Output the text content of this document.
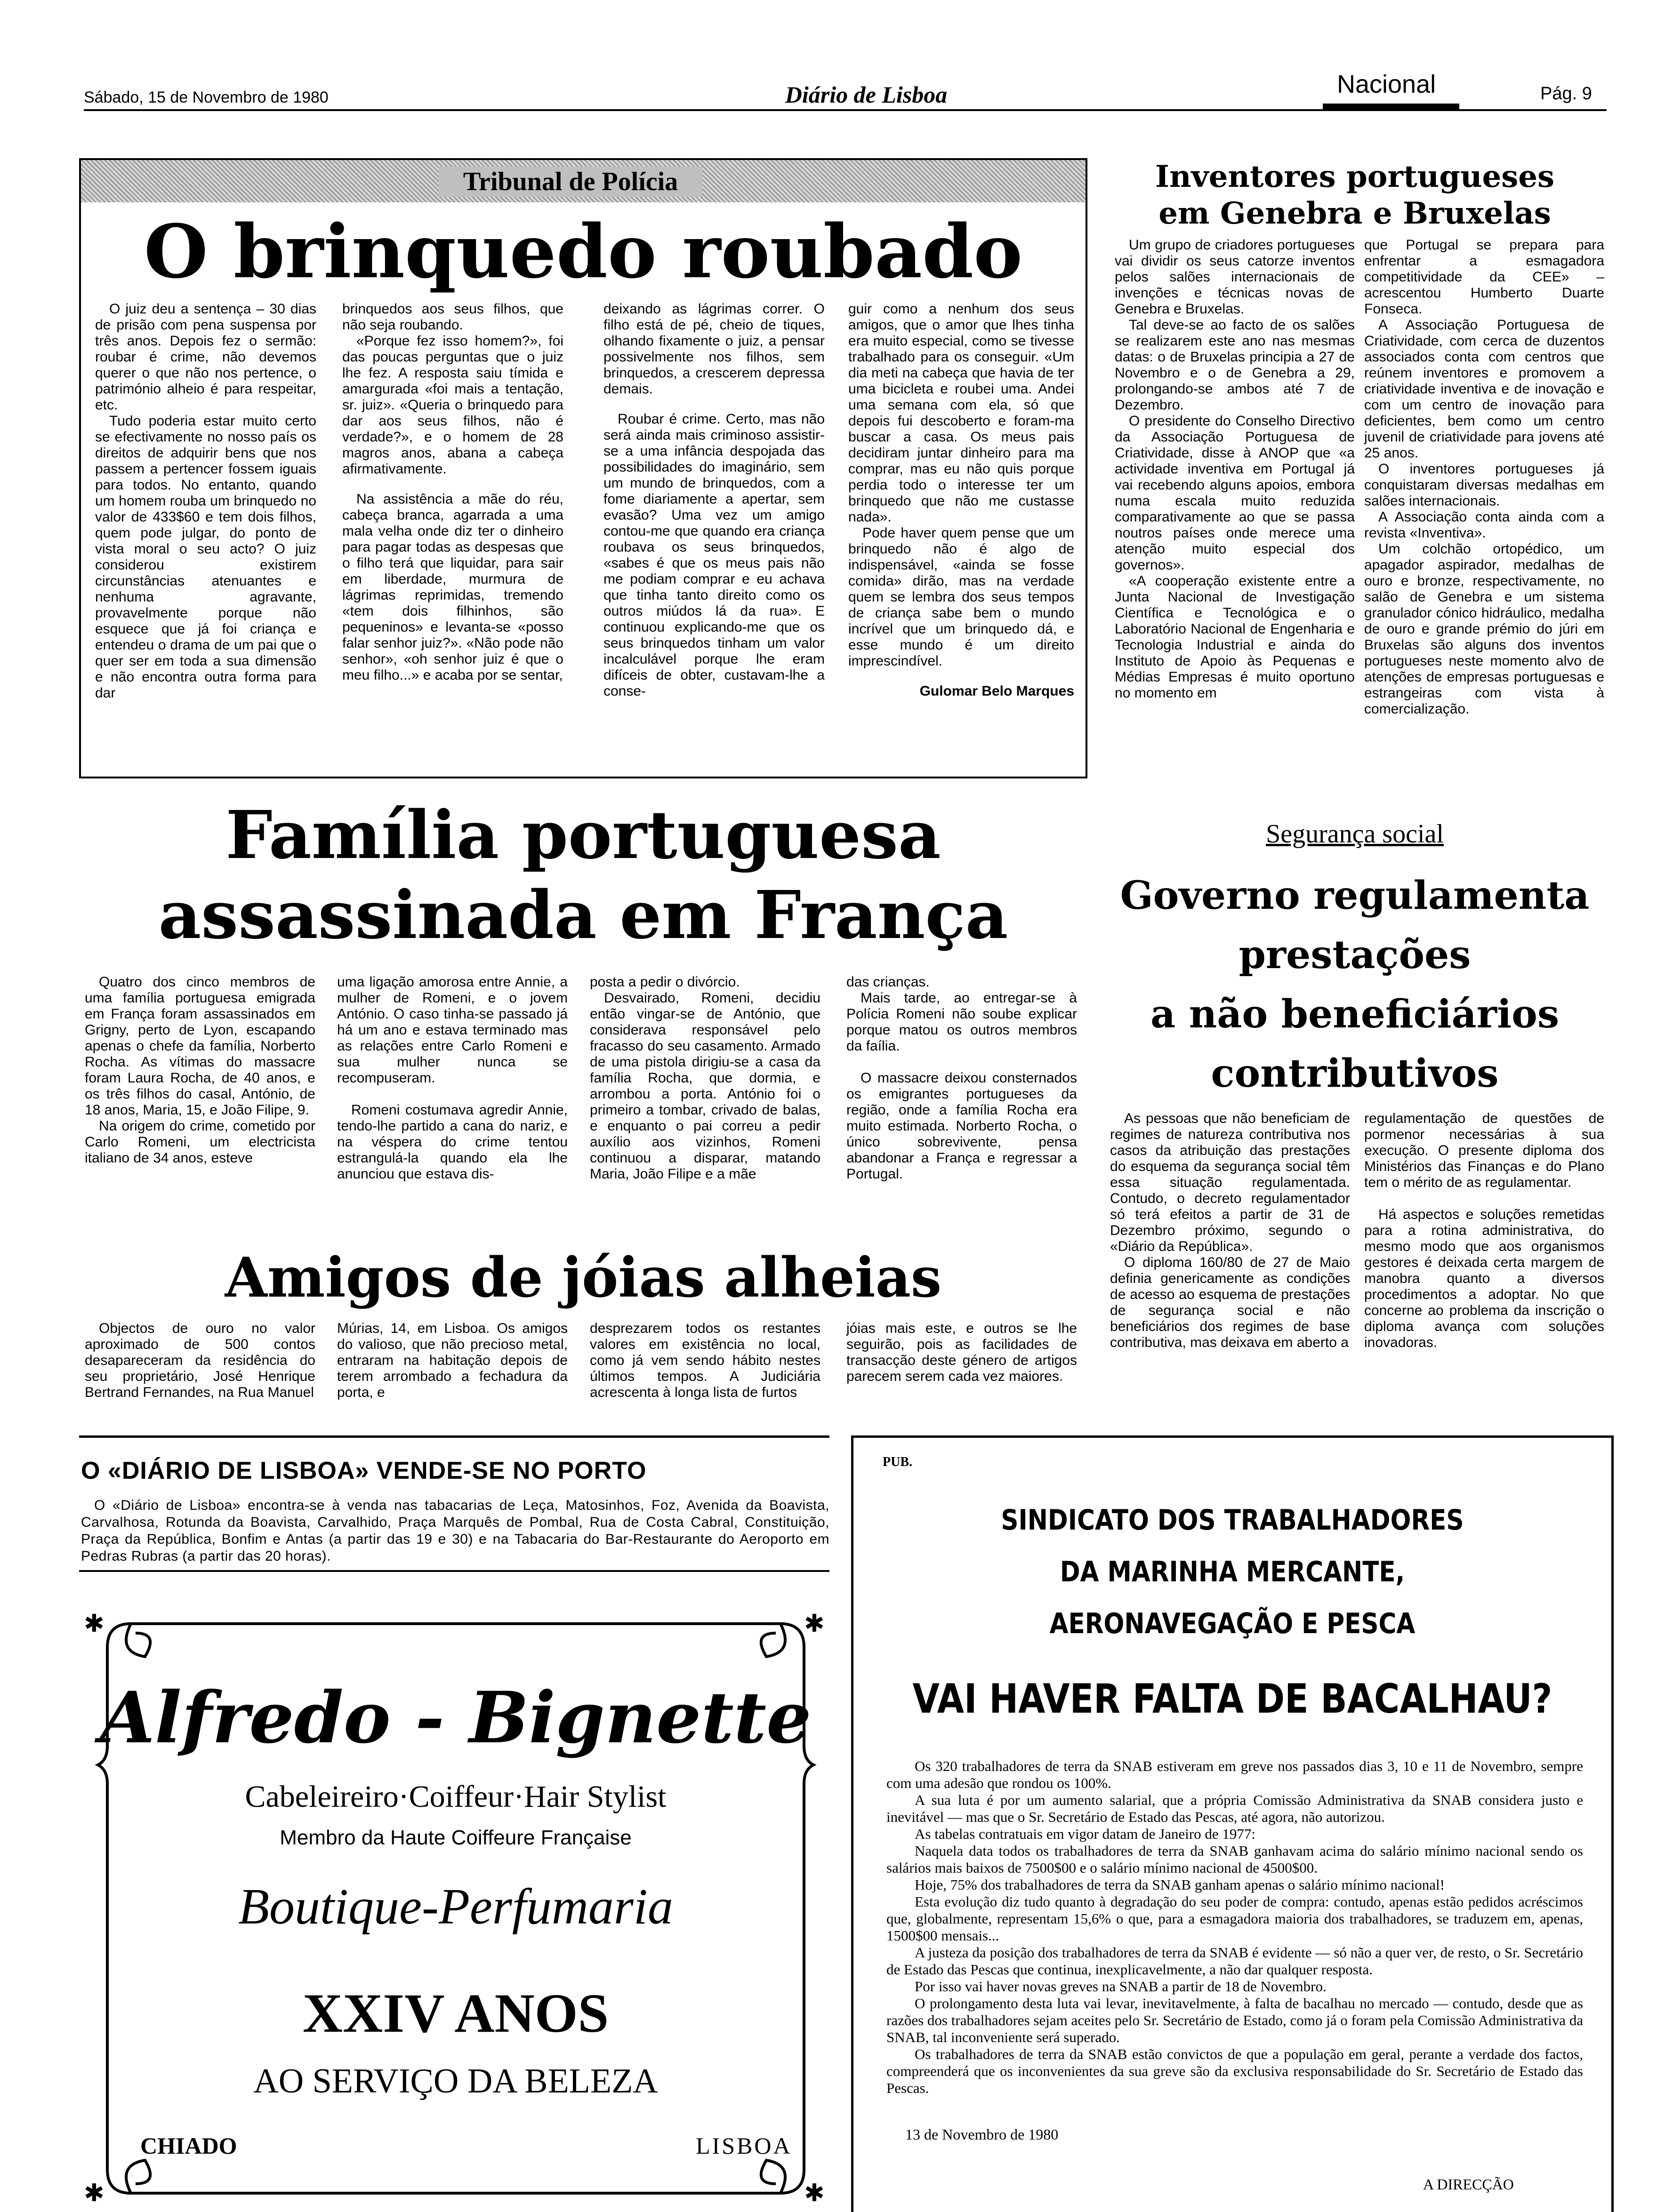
Sábado, 15 de Novembro de 1980	Diário de Lisboa	Nacional	Pág. 9
Tribunal de Polícia
O brinquedo roubado

O juiz deu a sentença – 30 dias de prisão com pena suspensa por três anos. Depois fez o sermão: roubar é crime, não devemos querer o que não nos pertence, o património alheio é para respeitar, etc.

Tudo poderia estar muito certo se efectivamente no nosso país os direitos de adquirir bens que nos passem a pertencer fossem iguais para todos. No entanto, quando um homem rouba um brinquedo no valor de 433$60 e tem dois filhos, quem pode julgar, do ponto de vista moral o seu acto? O juiz considerou existirem circunstâncias atenuantes e nenhuma agravante, provavelmente porque não esquece que já foi criança e entendeu o drama de um pai que o quer ser em toda a sua dimensão e não encontra outra forma para dar

brinquedos aos seus filhos, que não seja roubando.

«Porque fez isso homem?», foi das poucas perguntas que o juiz lhe fez. A resposta saiu tímida e amargurada «foi mais a tentação, sr. juiz». «Queria o brinquedo para dar aos seus filhos, não é verdade?», e o homem de 28 magros anos, abana a cabeça afirmativamente.

Na assistência a mãe do réu, cabeça branca, agarrada a uma mala velha onde diz ter o dinheiro para pagar todas as despesas que o filho terá que liquidar, para sair em liberdade, murmura de lágrimas reprimidas, tremendo «tem dois filhinhos, são pequeninos» e levanta-se «posso falar senhor juiz?». «Não pode não senhor», «oh senhor juiz é que o meu filho...» e acaba por se sentar,

deixando as lágrimas correr. O filho está de pé, cheio de tiques, olhando fixamente o juiz, a pensar possivelmente nos filhos, sem brinquedos, a crescerem depressa demais.

Roubar é crime. Certo, mas não será ainda mais criminoso assistir-se a uma infância despojada das possibilidades do imaginário, sem um mundo de brinquedos, com a fome diariamente a apertar, sem evasão? Uma vez um amigo contou-me que quando era criança roubava os seus brinquedos, «sabes é que os meus pais não me podiam comprar e eu achava que tinha tanto direito como os outros miúdos lá da rua». E continuou explicando-me que os seus brinquedos tinham um valor incalculável porque lhe eram difíceis de obter, custavam-lhe a conse-

guir como a nenhum dos seus amigos, que o amor que lhes tinha era muito especial, como se tivesse trabalhado para os conseguir. «Um dia meti na cabeça que havia de ter uma bicicleta e roubei uma. Andei uma semana com ela, só que depois fui descoberto e foram-ma buscar a casa. Os meus pais decidiram juntar dinheiro para ma comprar, mas eu não quis porque perdia todo o interesse ter um brinquedo que não me custasse nada».

Pode haver quem pense que um brinquedo não é algo de indispensável, «ainda se fosse comida» dirão, mas na verdade quem se lembra dos seus tempos de criança sabe bem o mundo incrível que um brinquedo dá, e esse mundo é um direito imprescindível.

Gulomar Belo Marques
Inventores portugueses
em Genebra e Bruxelas

Um grupo de criadores portugueses vai dividir os seus catorze inventos pelos salões internacionais de invenções e técnicas novas de Genebra e Bruxelas.

Tal deve-se ao facto de os salões se realizarem este ano nas mesmas datas: o de Bruxelas principia a 27 de Novembro e o de Genebra a 29, prolongando-se ambos até 7 de Dezembro.

O presidente do Conselho Directivo da Associação Portuguesa de Criatividade, disse à ANOP que «a actividade inventiva em Portugal já vai recebendo alguns apoios, embora numa escala muito reduzida comparativamente ao que se passa noutros países onde merece uma atenção muito especial dos governos».

«A cooperação existente entre a Junta Nacional de Investigação Científica e Tecnológica e o Laboratório Nacional de Engenharia e Tecnologia Industrial e ainda do Instituto de Apoio às Pequenas e Médias Empresas é muito oportuno no momento em

que Portugal se prepara para enfrentar a esmagadora competitividade da CEE» – acrescentou Humberto Duarte Fonseca.

A Associação Portuguesa de Criatividade, com cerca de duzentos associados conta com centros que reúnem inventores e promovem a criatividade inventiva e de inovação e com um centro de inovação para deficientes, bem como um centro juvenil de criatividade para jovens até 25 anos.

O inventores portugueses já conquistaram diversas medalhas em salões internacionais.

A Associação conta ainda com a revista «Inventiva».

Um colchão ortopédico, um apagador aspirador, medalhas de ouro e bronze, respectivamente, no salão de Genebra e um sistema granulador cónico hidráulico, medalha de ouro e grande prémio do júri em Bruxelas são alguns dos inventos portugueses neste momento alvo de atenções de empresas portuguesas e estrangeiras com vista à comercialização.

Família portuguesa
assassinada em França

Quatro dos cinco membros de uma família portuguesa emigrada em França foram assassinados em Grigny, perto de Lyon, escapando apenas o chefe da família, Norberto Rocha. As vítimas do massacre foram Laura Rocha, de 40 anos, e os três filhos do casal, António, de 18 anos, Maria, 15, e João Filipe, 9.

Na origem do crime, cometido por Carlo Romeni, um electricista italiano de 34 anos, esteve

uma ligação amorosa entre Annie, a mulher de Romeni, e o jovem António. O caso tinha-se passado já há um ano e estava terminado mas as relações entre Carlo Romeni e sua mulher nunca se recompuseram.

Romeni costumava agredir Annie, tendo-lhe partido a cana do nariz, e na véspera do crime tentou estrangulá-la quando ela lhe anunciou que estava dis-

posta a pedir o divórcio.

Desvairado, Romeni, decidiu então vingar-se de António, que considerava responsável pelo fracasso do seu casamento. Armado de uma pistola dirigiu-se a casa da família Rocha, que dormia, e arrombou a porta. António foi o primeiro a tombar, crivado de balas, e enquanto o pai correu a pedir auxílio aos vizinhos, Romeni continuou a disparar, matando Maria, João Filipe e a mãe

das crianças.

Mais tarde, ao entregar-se à Polícia Romeni não soube explicar porque matou os outros membros da faília.

O massacre deixou consternados os emigrantes portugueses da região, onde a família Rocha era muito estimada. Norberto Rocha, o único sobrevivente, pensa abandonar a França e regressar a Portugal.

Segurança social
Governo regulamenta
prestações
a não beneficiários
contributivos

As pessoas que não beneficiam de regimes de natureza contributiva nos casos da atribuição das prestações do esquema da segurança social têm essa situação regulamentada. Contudo, o decreto regulamentador só terá efeitos a partir de 31 de Dezembro próximo, segundo o «Diário da República».

O diploma 160/80 de 27 de Maio definia genericamente as condições de acesso ao esquema de prestações de segurança social e não beneficiários dos regimes de base contributiva, mas deixava em aberto a

regulamentação de questões de pormenor necessárias à sua execução. O presente diploma dos Ministérios das Finanças e do Plano tem o mérito de as regulamentar.

Há aspectos e soluções remetidas para a rotina administrativa, do mesmo modo que aos organismos gestores é deixada certa margem de manobra quanto a diversos procedimentos a adoptar. No que concerne ao problema da inscrição o diploma avança com soluções inovadoras.

Amigos de jóias alheias
Objectos de ouro no valor aproximado de 500 contos desapareceram da residência do seu proprietário, José Henrique Bertrand Fernandes, na Rua Manuel
Múrias, 14, em Lisboa. Os amigos do valioso, que não precioso metal, entraram na habitação depois de terem arrombado a fechadura da porta, e
desprezarem todos os restantes valores em existência no local, como já vem sendo hábito nestes últimos tempos. A Judiciária acrescenta à longa lista de furtos
jóias mais este, e outros se lhe seguirão, pois as facilidades de transacção deste género de artigos parecem serem cada vez maiores.
O «DIÁRIO DE LISBOA» VENDE-SE NO PORTO
O «Diário de Lisboa» encontra-se à venda nas tabacarias de Leça, Matosinhos, Foz, Avenida da Boavista, Carvalhosa, Rotunda da Boavista, Carvalhido, Praça Marquês de Pombal, Rua de Costa Cabral, Constituição, Praça da República, Bonfim e Antas (a partir das 19 e 30) e na Tabacaria do Bar-Restaurante do Aeroporto em Pedras Rubras (a partir das 20 horas).
✱	✱
✱	✱
Alfredo - Bignette
Cabeleireiro·Coiffeur·Hair Stylist
Membro da Haute Coiffeure Française
Boutique-Perfumaria
XXIV ANOS
AO SERVIÇO DA BELEZA
CHIADO	LISBOA
PUB.
SINDICATO DOS TRABALHADORES
DA MARINHA MERCANTE,
AERONAVEGAÇÃO E PESCA
VAI HAVER FALTA DE BACALHAU?

Os 320 trabalhadores de terra da SNAB estiveram em greve nos passados dias 3, 10 e 11 de Novembro, sempre com uma adesão que rondou os 100%.

A sua luta é por um aumento salarial, que a própria Comissão Administrativa da SNAB considera justo e inevitável — mas que o Sr. Secretário de Estado das Pescas, até agora, não autorizou.

As tabelas contratuais em vigor datam de Janeiro de 1977:

Naquela data todos os trabalhadores de terra da SNAB ganhavam acima do salário mínimo nacional sendo os salários mais baixos de 7500$00 e o salário mínimo nacional de 4500$00.

Hoje, 75% dos trabalhadores de terra da SNAB ganham apenas o salário mínimo nacional!

Esta evolução diz tudo quanto à degradação do seu poder de compra: contudo, apenas estão pedidos acréscimos que, globalmente, representam 15,6% o que, para a esmagadora maioria dos trabalhadores, se traduzem em, apenas, 1500$00 mensais...

A justeza da posição dos trabalhadores de terra da SNAB é evidente — só não a quer ver, de resto, o Sr. Secretário de Estado das Pescas que continua, inexplicavelmente, a não dar qualquer resposta.

Por isso vai haver novas greves na SNAB a partir de 18 de Novembro.

O prolongamento desta luta vai levar, inevitavelmente, à falta de bacalhau no mercado — contudo, desde que as razões dos trabalhadores sejam aceites pelo Sr. Secretário de Estado, como já o foram pela Comissão Administrativa da SNAB, tal inconveniente será superado.

Os trabalhadores de terra da SNAB estão convictos de que a população em geral, perante a verdade dos factos, compreenderá que os inconvenientes da sua greve são da exclusiva responsabilidade do Sr. Secretário de Estado das Pescas.

13 de Novembro de 1980
A DIRECÇÃO
